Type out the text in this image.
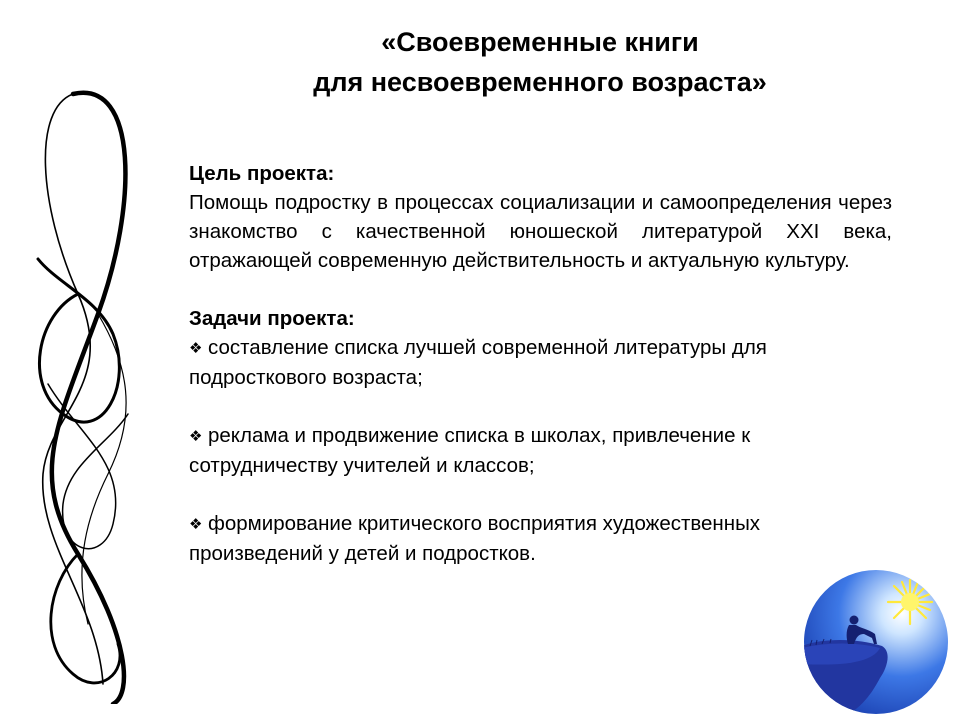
«Своевременные книги
для несвоевременного возраста»
Цель проекта:
Помощь подростку в процессах социализации и самоопределения через знакомство с качественной юношеской литературой XXI века, отражающей современную действительность и актуальную культуру.
Задачи проекта:
❖ составление списка лучшей современной литературы для
подросткового возраста;
❖ реклама и продвижение списка в школах, привлечение к
сотрудничеству учителей и классов;
❖ формирование критического восприятия художественных
произведений у детей и подростков.
